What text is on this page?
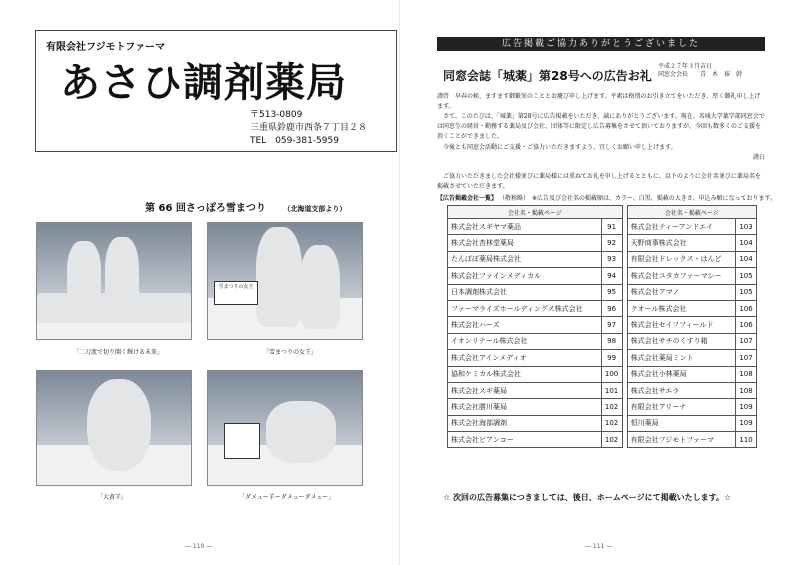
有限会社フジモトファーマ
あさひ調剤薬局
〒513-0809
三重県鈴鹿市西条７丁目２８
TEL　059-381-5959
第 66 回さっぽろ雪まつり （北海道支部より）
「二刀流で切り開く輝ける未来」
雪まつりの女王
「雪まつりの女王」
「大黄羊」	「ダメュー羊ーダメューダメュー」
― 110 ―
広告掲載ご協力ありがとうございました
同窓会誌「城薬」第28号への広告お礼
平成２７年３月吉日
同窓会会長　　青　木　裕　幹
謹啓　早春の候、ますます御繁栄のこととお慶び申し上げます。平素は格別のお引き立てをいただき、厚く御礼申し上げます。
さて、このたびは、「城薬」第28号に広告掲載をいただき、誠にありがとうございます。現在、名城大学薬学部同窓会では同窓生の経営・勤務する薬局及び会社、団体等に限定し広告募集をさせて頂いておりますが、今回も数多くのご支援を頂くことができました。
今後とも同窓会活動にご支援・ご協力いただきますよう、宜しくお願い申し上げます。
謹白
ご協力いただきました会社様並びに薬局様には重ねてお礼を申し上げるとともに、以下のように会社名並びに薬局名を掲載させていただきます。
【広告掲載会社一覧】 （敬称略）　※広告及び会社名の掲載順は、カラー、白黒、掲載の大きさ、申込み順になっております。
会社名・掲載ページ			会社名・掲載ページ	
株式会社スギヤマ薬品	91		株式会社ティーアンドエイ	103
株式会社杏林堂薬局	92		天野商事株式会社	104
たんぽぽ薬局株式会社	93		有限会社ドレックス・はんど	104
株式会社ファインメディカル	94		株式会社ユタカファーマシー	105
日本調剤株式会社	95		株式会社アマノ	105
ファーマライズホールディングス株式会社	96		クオール株式会社	106
株式会社ハーズ	97		株式会社セイフフィールド	106
イオンリテール株式会社	98		株式会社サチのくすり箱	107
株式会社アインメディオ	99		株式会社薬局ミント	107
協和ケミカル株式会社	100		株式会社小林薬局	108
株式会社スギ薬局	101		株式会社サエラ	108
株式会社勝川薬局	102		有限会社アリーナ	109
株式会社海部調剤	102		恒川薬局	109
株式会社ピアンコー	102		有限会社フジモトファーマ	110
☆ 次回の広告募集につきましては、後日、ホームページにて掲載いたします。☆
― 111 ―
